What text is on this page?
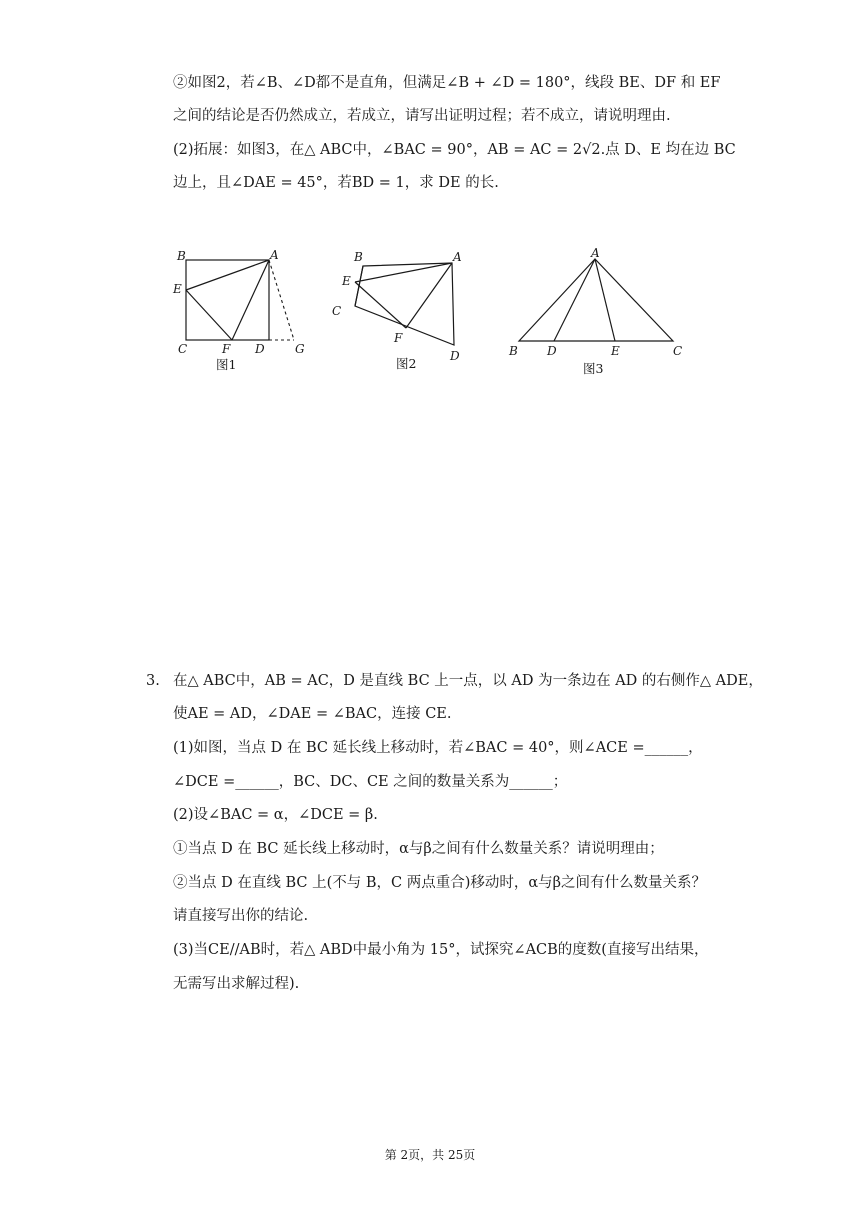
②如图2，若∠B、∠D都不是直角，但满足∠B + ∠D = 180°，线段 BE、DF 和 EF
之间的结论是否仍然成立，若成立，请写出证明过程；若不成立，请说明理由.
(2)拓展：如图3，在△ ABC中，∠BAC = 90°，AB = AC = 2√2.点 D、E 均在边 BC
边上，且∠DAE = 45°，若BD = 1，求 DE 的长.
B	A
E
C	F D	G
图1
B	A
E
C
F
D
图2
A
B D	E	C
图3
3. 在△ ABC中，AB = AC，D 是直线 BC 上一点，以 AD 为一条边在 AD 的右侧作△ ADE，
使AE = AD，∠DAE = ∠BAC，连接 CE.
(1)如图，当点 D 在 BC 延长线上移动时，若∠BAC = 40°，则∠ACE =______，
∠DCE =______，BC、DC、CE 之间的数量关系为______；
(2)设∠BAC = α，∠DCE = β.
①当点 D 在 BC 延长线上移动时，α与β之间有什么数量关系？请说明理由；
②当点 D 在直线 BC 上(不与 B，C 两点重合)移动时，α与β之间有什么数量关系？
请直接写出你的结论.
(3)当CE//AB时，若△ ABD中最小角为 15°，试探究∠ACB的度数(直接写出结果，
无需写出求解过程).
第 2页，共 25页
